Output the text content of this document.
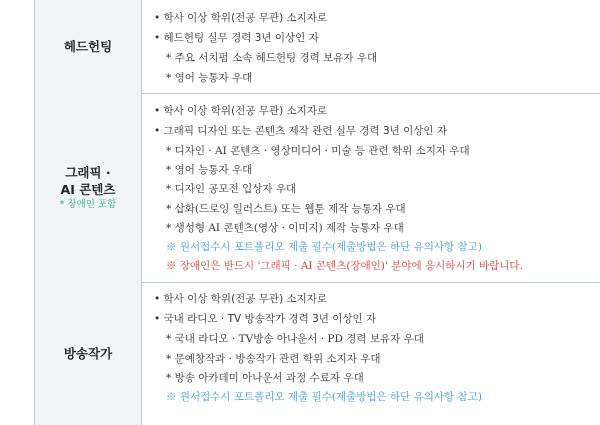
헤드헌팅
• 학사 이상 학위(전공 무관) 소지자로
• 헤드헌팅 실무 경력 3년 이상인 자
* 주요 서치펌 소속 헤드헌팅 경력 보유자 우대
* 영어 능통자 우대
그래픽 ·
AI 콘텐츠
* 장애인 포함
• 학사 이상 학위(전공 무관) 소지자로
• 그래픽 디자인 또는 콘텐츠 제작 관련 실무 경력 3년 이상인 자
* 디자인 · AI 콘텐츠 · 영상미디어 · 미술 등 관련 학위 소지자 우대
* 영어 능통자 우대
* 디자인 공모전 입상자 우대
* 삽화(드로잉 일러스트) 또는 웹툰 제작 능통자 우대
* 생성형 AI 콘텐츠(영상 · 이미지) 제작 능통자 우대
※ 원서접수시 포트폴리오 제출 필수(제출방법은 하단 유의사항 참고)
※ 장애인은 반드시 '그래픽 · AI 콘텐츠(장애인)' 분야에 응시하시기 바랍니다.
방송작가
• 학사 이상 학위(전공 무관) 소지자로
• 국내 라디오 · TV 방송작가 경력 3년 이상인 자
* 국내 라디오 · TV방송 아나운서 · PD 경력 보유자 우대
* 문예창작과 · 방송작가 관련 학위 소지자 우대
* 방송 아카데미 아나운서 과정 수료자 우대
※ 원서접수시 포트폴리오 제출 필수(제출방법은 하단 유의사항 참고)
